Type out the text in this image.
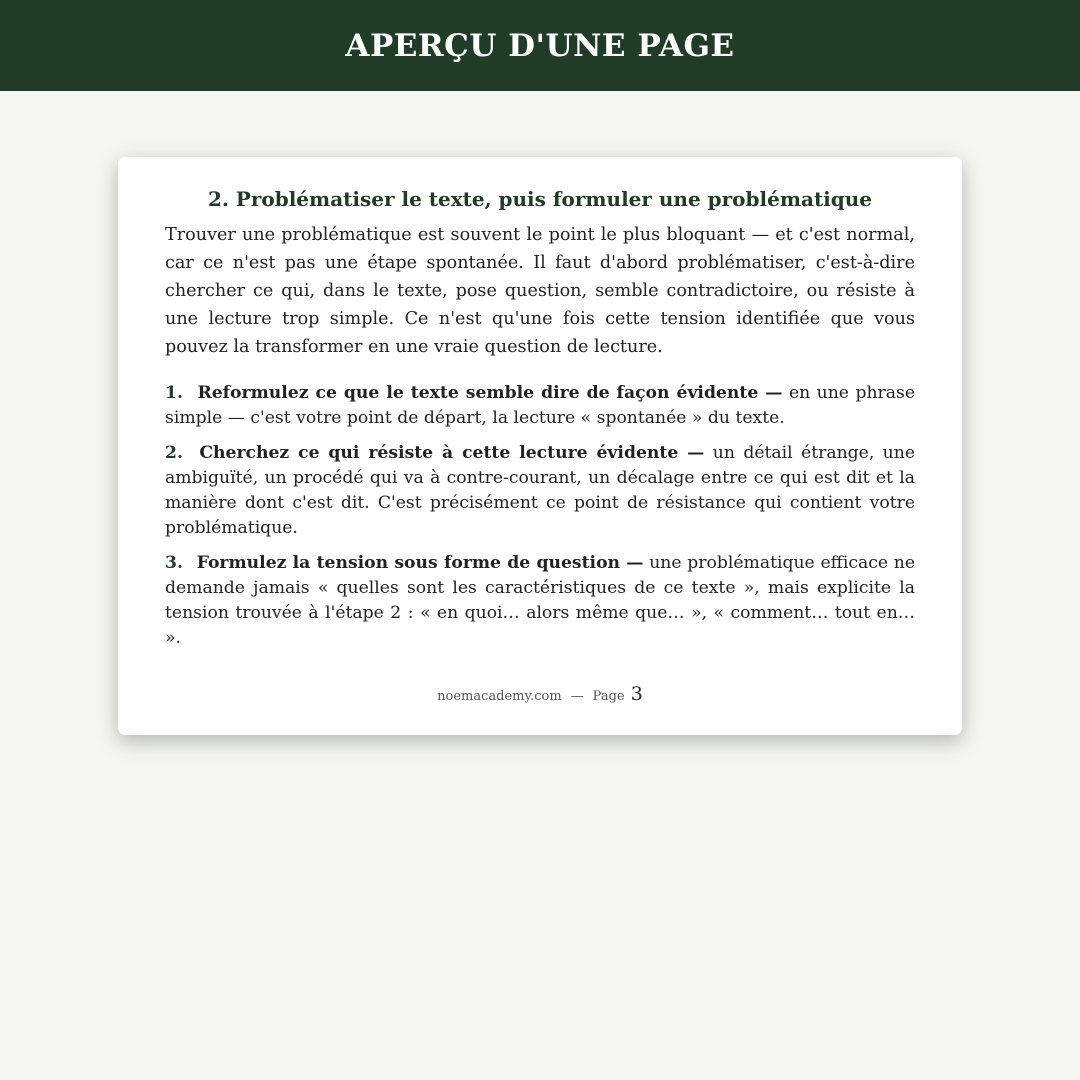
APERÇU D'UNE PAGE
2. Problématiser le texte, puis formuler une problématique

Trouver une problématique est souvent le point le plus bloquant — et c'est normal, car ce n'est pas une étape spontanée. Il faut d'abord problématiser, c'est-à-dire chercher ce qui, dans le texte, pose question, semble contradictoire, ou résiste à une lecture trop simple. Ce n'est qu'une fois cette tension identifiée que vous pouvez la transformer en une vraie question de lecture.

1. Reformulez ce que le texte semble dire de façon évidente — en une phrase simple — c'est votre point de départ, la lecture « spontanée » du texte.
2. Cherchez ce qui résiste à cette lecture évidente — un détail étrange, une ambiguïté, un procédé qui va à contre-courant, un décalage entre ce qui est dit et la manière dont c'est dit. C'est précisément ce point de résistance qui contient votre problématique.
3. Formulez la tension sous forme de question — une problématique efficace ne demande jamais « quelles sont les caractéristiques de ce texte », mais explicite la tension trouvée à l'étape 2 : « en quoi… alors même que… », « comment… tout en… ».
noemacademy.com — Page 3
